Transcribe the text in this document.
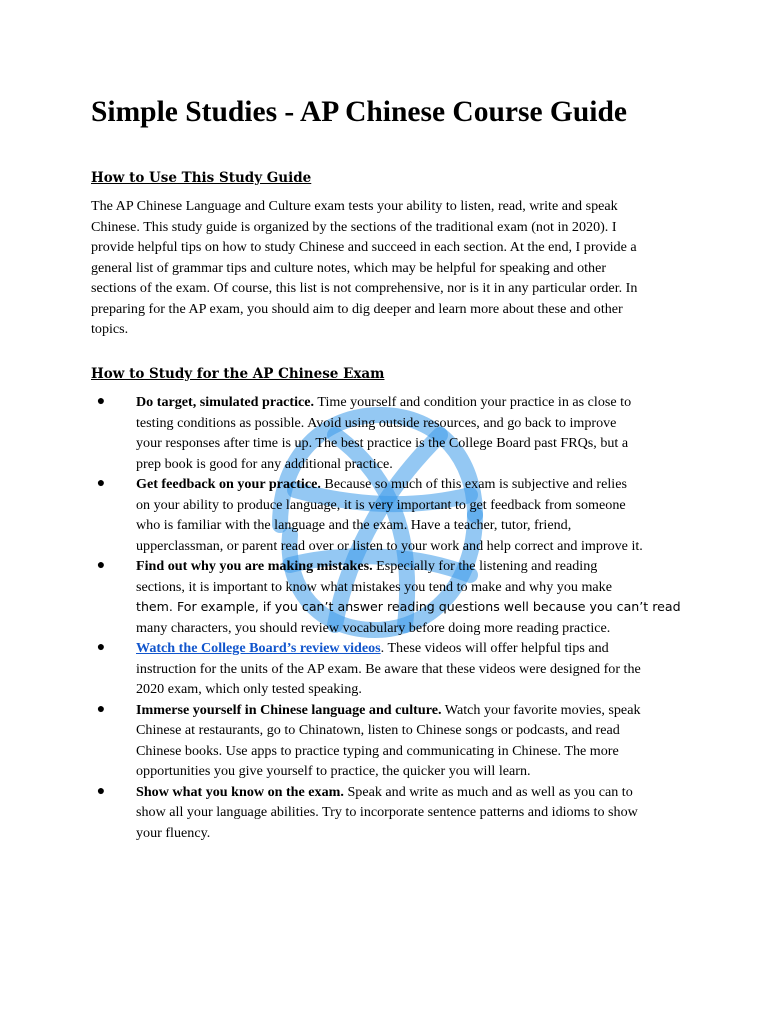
Simple Studies - AP Chinese Course Guide
How to Use This Study Guide

The AP Chinese Language and Culture exam tests your ability to listen, read, write and speak
Chinese. This study guide is organized by the sections of the traditional exam (not in 2020). I
provide helpful tips on how to study Chinese and succeed in each section. At the end, I provide a
general list of grammar tips and culture notes, which may be helpful for speaking and other
sections of the exam. Of course, this list is not comprehensive, nor is it in any particular order. In
preparing for the AP exam, you should aim to dig deeper and learn more about these and other
topics.

How to Study for the AP Chinese Exam
●	Do target, simulated practice. Time yourself and condition your practice in as close to
testing conditions as possible. Avoid using outside resources, and go back to improve
your responses after time is up. The best practice is the College Board past FRQs, but a
prep book is good for any additional practice.
●	Get feedback on your practice. Because so much of this exam is subjective and relies
on your ability to produce language, it is very important to get feedback from someone
who is familiar with the language and the exam. Have a teacher, tutor, friend,
upperclassman, or parent read over or listen to your work and help correct and improve it.
●	Find out why you are making mistakes. Especially for the listening and reading
sections, it is important to know what mistakes you tend to make and why you make
them. For example, if you can’t answer reading questions well because you can’t read
many characters, you should review vocabulary before doing more reading practice.
●	Watch the College Board’s review videos. These videos will offer helpful tips and
instruction for the units of the AP exam. Be aware that these videos were designed for the
2020 exam, which only tested speaking.
●	Immerse yourself in Chinese language and culture. Watch your favorite movies, speak
Chinese at restaurants, go to Chinatown, listen to Chinese songs or podcasts, and read
Chinese books. Use apps to practice typing and communicating in Chinese. The more
opportunities you give yourself to practice, the quicker you will learn.
●	Show what you know on the exam. Speak and write as much and as well as you can to
show all your language abilities. Try to incorporate sentence patterns and idioms to show
your fluency.
